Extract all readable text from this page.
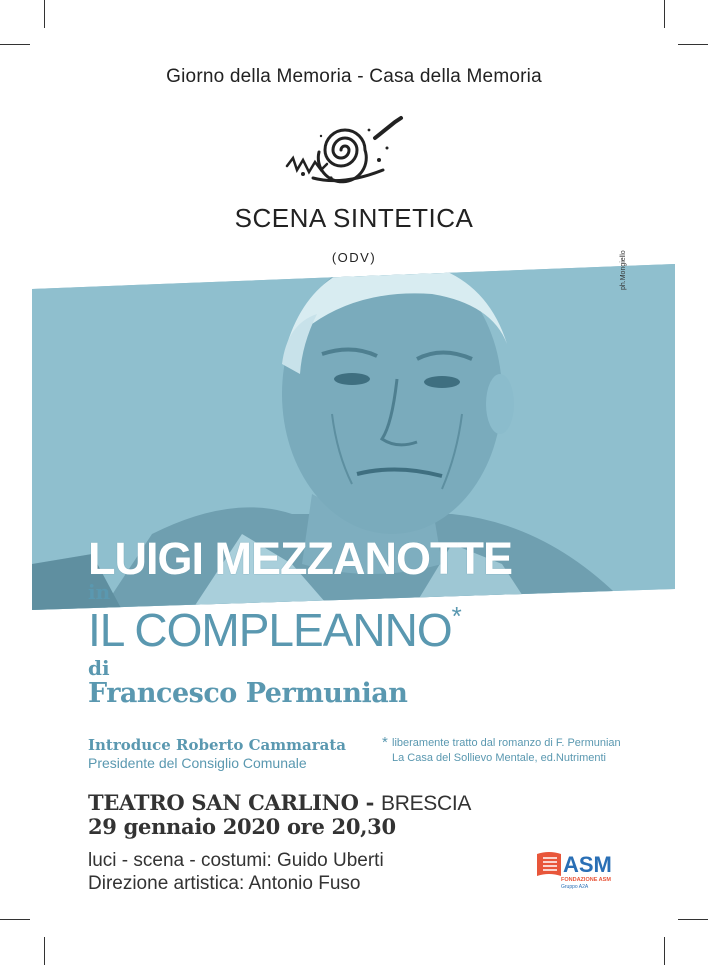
Giorno della Memoria - Casa della Memoria
SCENA SINTETICA
(ODV)	ph.Mongiello
LUIGI MEZZANOTTE
in
IL COMPLEANNO*
di
Francesco Permunian
Introduce Roberto Cammarata
Presidente del Consiglio Comunale
* liberamente tratto dal romanzo di F. Permunian
La Casa del Sollievo Mentale, ed.Nutrimenti
TEATRO SAN CARLINO - BRESCIA
29 gennaio 2020 ore 20,30
luci - scena - costumi: Guido Uberti
Direzione artistica: Antonio Fuso
ASM
FONDAZIONE ASM
Gruppo A2A
